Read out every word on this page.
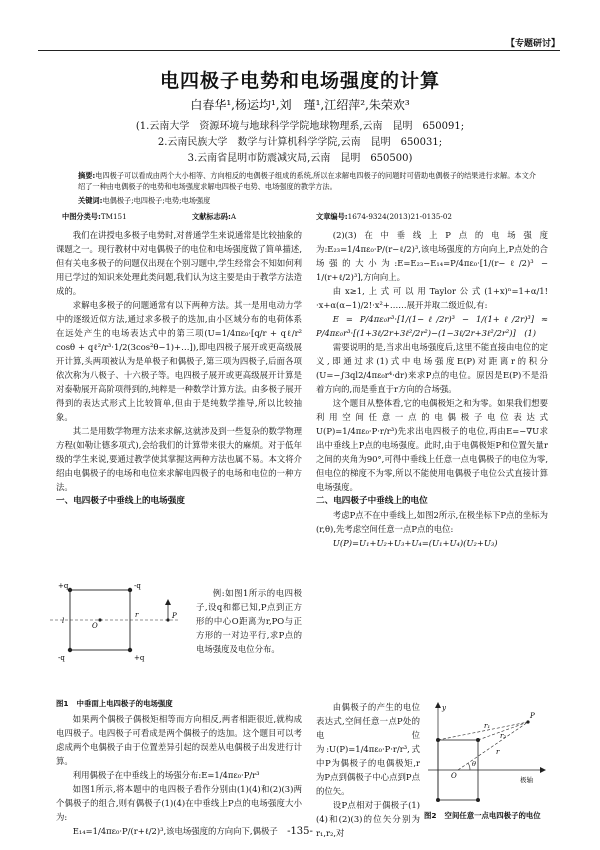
【专题研讨】
电四极子电势和电场强度的计算
白春华¹,杨运均¹,刘　瑾¹,江绍萍²,朱荣欢³
(1.云南大学　资源环境与地球科学学院地球物理系,云南　昆明　650091;
2.云南民族大学　数学与计算机科学学院,云南　昆明　650031;
3.云南省昆明市防震减灾局,云南　昆明　650500)
摘要:电四极子可以看成由两个大小相等、方向相反的电偶极子组成的系统,所以在求解电四极子的问题时可借助电偶极子的结果进行求解。本文介绍了一种由电偶极子的电势和电场强度求解电四极子电势、电场强度的教学方法。
关键词:电偶极子;电四极子;电势;电场强度
中图分类号:TM151	文献标志码:A	文章编号:1674-9324(2013)21-0135-02

我们在讲授电多极子电势时,对普通学生来说通常是比较抽象的课题之一。现行教材中对电偶极子的电位和电场强度做了简单描述,但有关电多极子的问题仅出现在个别习题中,学生经常会不知如何利用已学过的知识来处理此类问题,我们认为这主要是由于教学方法造成的。

求解电多极子的问题通常有以下两种方法。其一是用电动力学中的逐级近似方法,通过求多极子的迭加,由小区域分布的电荷体系在远处产生的电场表达式中的第三项(U=1/4πε₀·[q/r + qℓ/r² cosθ + qℓ²/r³·1/2(3cos²θ−1)+…]),即电四极子展开或更高级展开计算,头两项被认为是单极子和偶极子,第三项为四极子,后面各项依次称为八极子、十六极子等。电四极子展开或更高级展开计算是对泰勒展开高阶项得到的,纯粹是一种数学计算方法。由多极子展开得到的表达式形式上比较简单,但由于是纯数学推导,所以比较抽象。

其二是用数学物理方法来求解,这就涉及到一些复杂的数学物理方程(如勒让德多项式),会给我们的计算带来很大的麻烦。对于低年级的学生来说,要通过教学使其掌握这两种方法也属不易。本文将介绍由电偶极子的电场和电位来求解电四极子的电场和电位的一种方法。

一、电四极子中垂线上的电场强度

+q	-q
-q	+q
O
P
r
l
图1 中垂面上电四极子的电场强度

例:如图1所示的电四极子,设q和都已知,P点到正方形的中心O距离为r,PO与正方形的一对边平行,求P点的电场强度及电位分布。

如果两个偶极子偶极矩相等而方向相反,两者相距很近,就构成电四极子。电四极子可看成是两个偶极子的迭加。这个题目可以考虑成两个电偶极子由于位置差异引起的误差从电偶极子出发进行计算。

利用偶极子在中垂线上的场强分布:E=1/4πε₀·P/r³

如图1所示,将本题中的电四极子看作分别由(1)(4)和(2)(3)两个偶极子的组合,则有偶极子(1)(4)在中垂线上P点的电场强度大小为:

E₁₄=1/4πε₀·P/(r+ℓ/2)³,该电场强度的方向向下,偶极子

(2)(3)在中垂线上P点的电场强度为:E₂₃=1/4πε₀·P/(r−ℓ/2)³,该电场强度的方向向上,P点处的合场强的大小为:E=E₂₃−E₁₄=P/4πε₀·[1/(r−ℓ/2)³ − 1/(r+ℓ/2)³],方向向上。

由x≥1,上式可以用Taylor公式(1+x)ⁿ=1+α/1!·x+α(α−1)/2!·x²+……展开并取二级近似,有:

E = P/4πε₀r³·[1/(1−ℓ/2r)³ − 1/(1+ℓ/2r)³] ≈ P/4πε₀r³·[(1+3ℓ/2r+3ℓ²/2r²)−(1−3ℓ/2r+3ℓ²/2r²)]　(1)

需要说明的是,当求出电场强度后,这里不能直接由电位的定义,即通过求(1)式中电场强度E(P)对距离r的积分(U=−∫3ql2/4πε₀r⁴·dr)来求P点的电位。原因是E(P)不是沿着方向的,而是垂直于r方向的合场强。

这个题目从整体看,它的电偶极矩之和为零。如果我们想要利用空间任意一点的电偶极子电位表达式U(P)=1/4πε₀·P·r/r³)先求出电四极子的电位,再由E=−∇U求出中垂线上P点的电场强度。此时,由于电偶极矩P和位置矢量r之间的夹角为90°,可得中垂线上任意一点电偶极子的电位为零,但电位的梯度不为零,所以不能使用电偶极子电位公式直接计算电场强度。

二、电四极子中垂线上的电位

考虑P点不在中垂线上,如图2所示,在极坐标下P点的坐标为(r,θ),先考虑空间任意一点P点的电位:

U(P)=U₁+U₂+U₃+U₄=(U₁+U₄)(U₂+U₃)

由偶极子的产生的电位表达式,空间任意一点P处的电位为:U(P)=1/4πε₀·P·r/r³,式中P为偶极子的电偶极矩,r为P点到偶极子中心点到P点的位矢。

设P点相对于偶极子(1)(4)和(2)(3)的位矢分别为r₁,r₂,对

y
P
r₁
r₂
r
O
θ
极轴
图2 空间任意一点电四极子的电位
-135-
